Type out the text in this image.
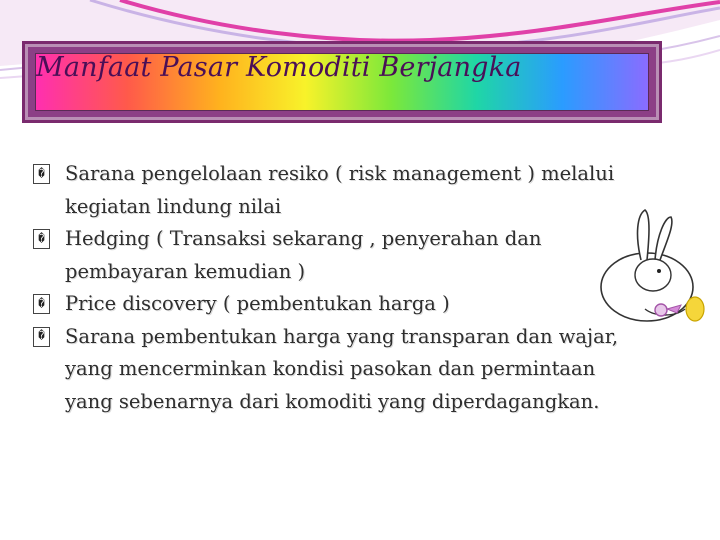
Manfaat Pasar Komoditi Berjangka
� Sarana pengelolaan resiko ( risk management ) melalui kegiatan lindung nilai
� Hedging ( Transaksi sekarang , penyerahan dan pembayaran kemudian )
� Price discovery ( pembentukan harga )
� Sarana pembentukan harga yang transparan dan wajar, yang mencerminkan kondisi pasokan dan permintaan yang sebenarnya dari komoditi yang diperdagangkan.
